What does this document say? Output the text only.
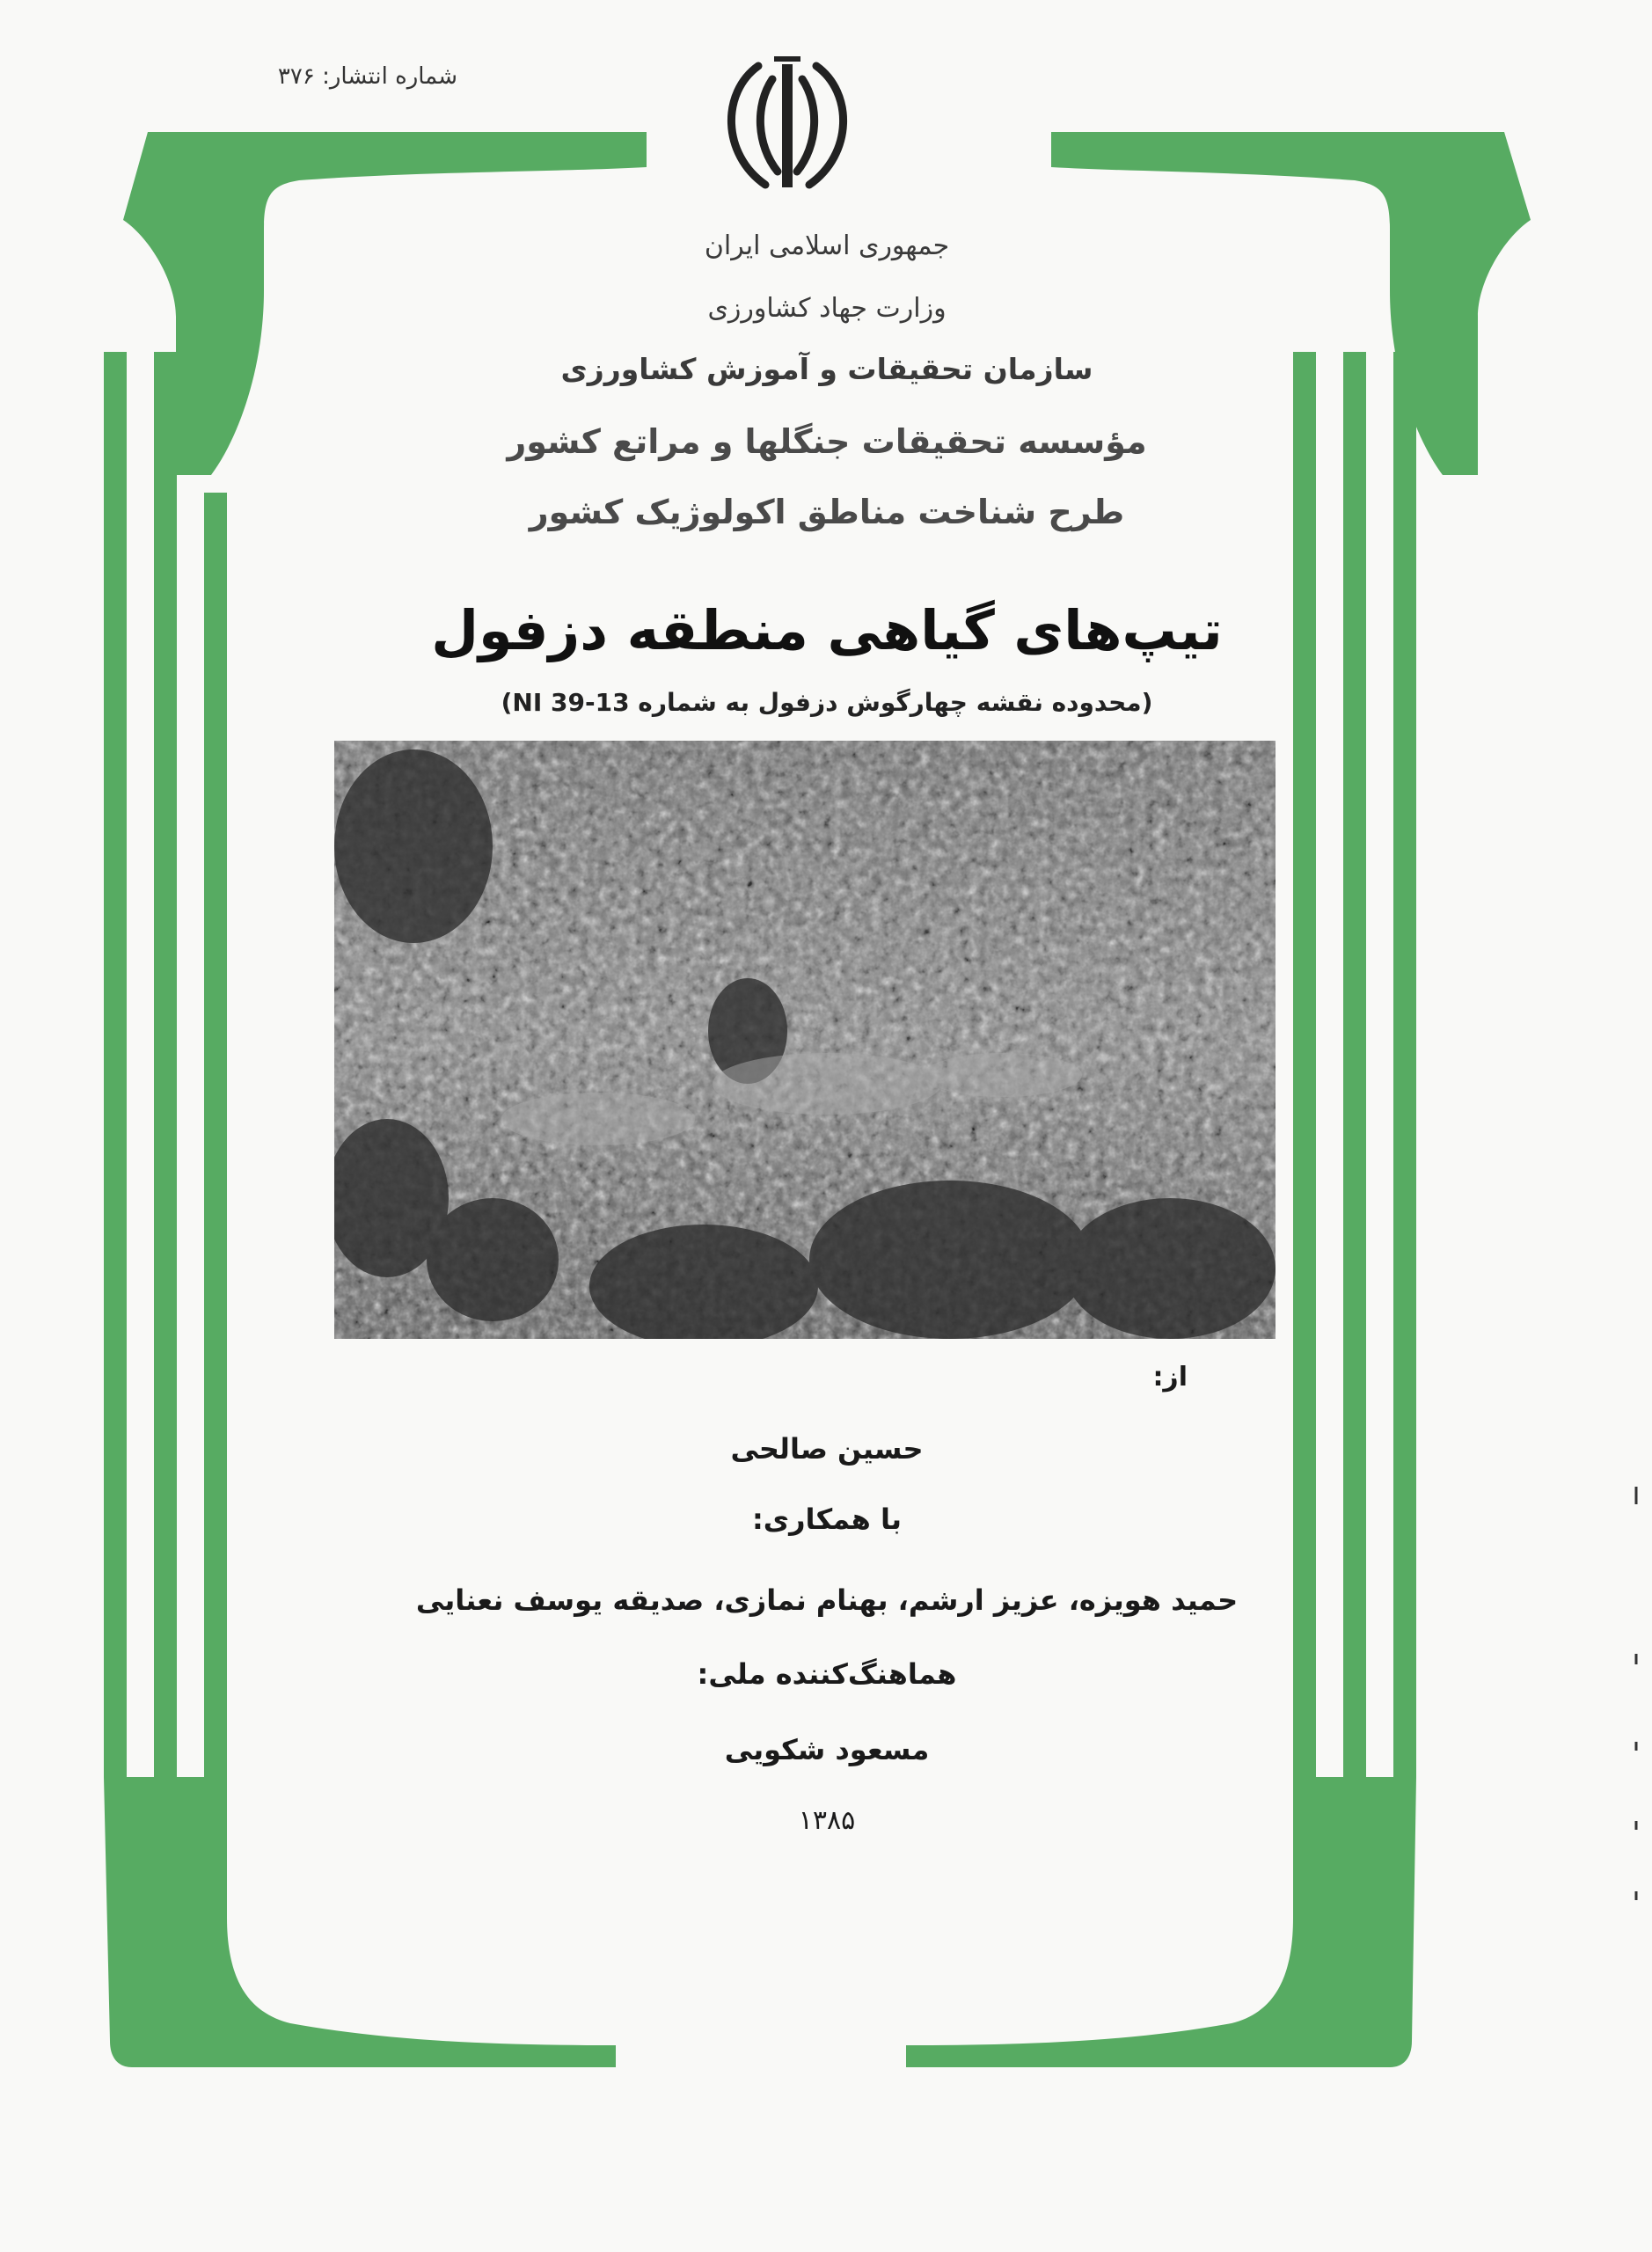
شماره انتشار: ۳۷۶
جمهوری اسلامی ایران
وزارت جهاد کشاورزی
سازمان تحقیقات و آموزش کشاورزی
مؤسسه تحقیقات جنگلها و مراتع کشور
طرح شناخت مناطق اکولوژیک کشور
تیپ‌های گیاهی منطقه دزفول
(محدوده نقشه چهارگوش دزفول به شماره NI 39-13)
از:
حسین صالحی
با همکاری:
حمید هویزه، عزیز ارشم، بهنام نمازی، صدیقه یوسف نعنایی
هماهنگ‌کننده ملی:
مسعود شکویی
۱۳۸۵
